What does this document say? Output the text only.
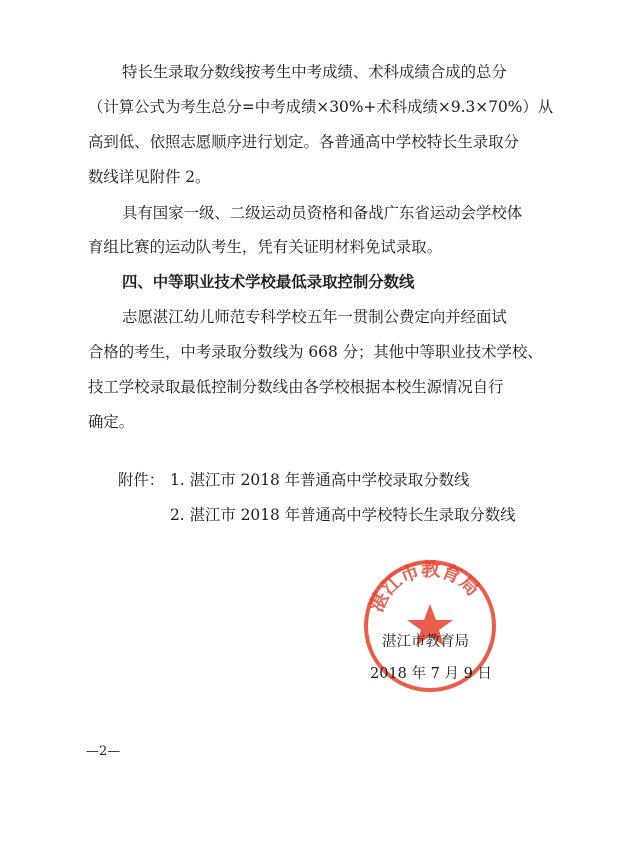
特长生录取分数线按考生中考成绩、术科成绩合成的总分
（计算公式为考生总分=中考成绩×30%+术科成绩×9.3×70%）从
高到低、依照志愿顺序进行划定。各普通高中学校特长生录取分
数线详见附件 2。
具有国家一级、二级运动员资格和备战广东省运动会学校体
育组比赛的运动队考生，凭有关证明材料免试录取。
四、中等职业技术学校最低录取控制分数线
志愿湛江幼儿师范专科学校五年一贯制公费定向并经面试
合格的考生，中考录取分数线为 668 分；其他中等职业技术学校、
技工学校录取最低控制分数线由各学校根据本校生源情况自行
确定。
附件： 1. 湛江市 2018 年普通高中学校录取分数线
2. 湛江市 2018 年普通高中学校特长生录取分数线
湛江市教育局
湛江市教育局
2018 年 7 月 9 日
—2—
